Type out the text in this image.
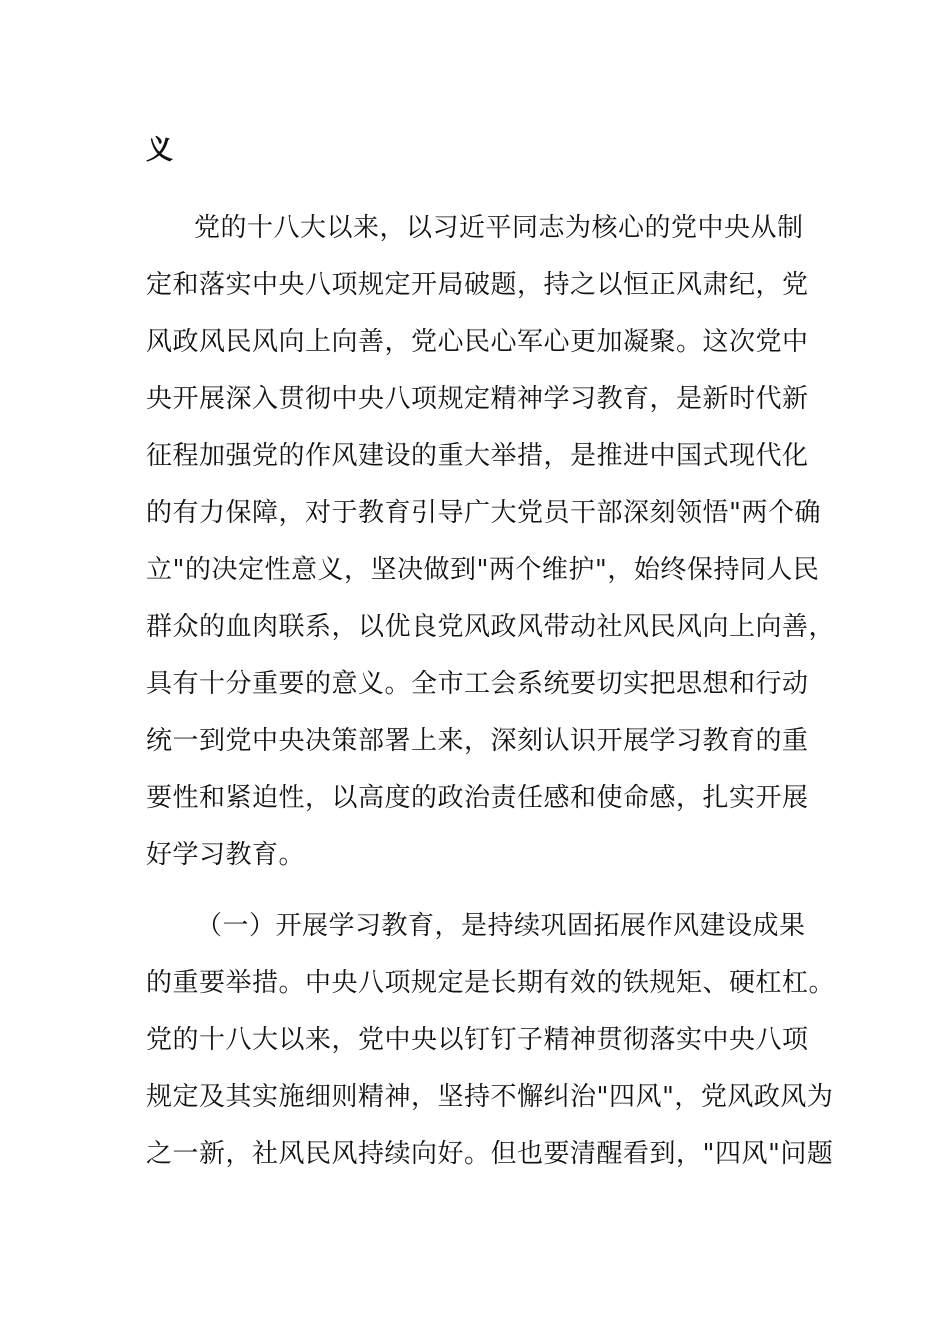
义
党的十八大以来，以习近平同志为核心的党中央从制
定和落实中央八项规定开局破题，持之以恒正风肃纪，党
风政风民风向上向善，党心民心军心更加凝聚。这次党中
央开展深入贯彻中央八项规定精神学习教育，是新时代新
征程加强党的作风建设的重大举措，是推进中国式现代化
的有力保障，对于教育引导广大党员干部深刻领悟"两个确
立"的决定性意义，坚决做到"两个维护"，始终保持同人民
群众的血肉联系，以优良党风政风带动社风民风向上向善，
具有十分重要的意义。全市工会系统要切实把思想和行动
统一到党中央决策部署上来，深刻认识开展学习教育的重
要性和紧迫性，以高度的政治责任感和使命感，扎实开展
好学习教育。
（一）开展学习教育，是持续巩固拓展作风建设成果
的重要举措。中央八项规定是长期有效的铁规矩、硬杠杠。
党的十八大以来，党中央以钉钉子精神贯彻落实中央八项
规定及其实施细则精神，坚持不懈纠治"四风"，党风政风为
之一新，社风民风持续向好。但也要清醒看到，"四风"问题
